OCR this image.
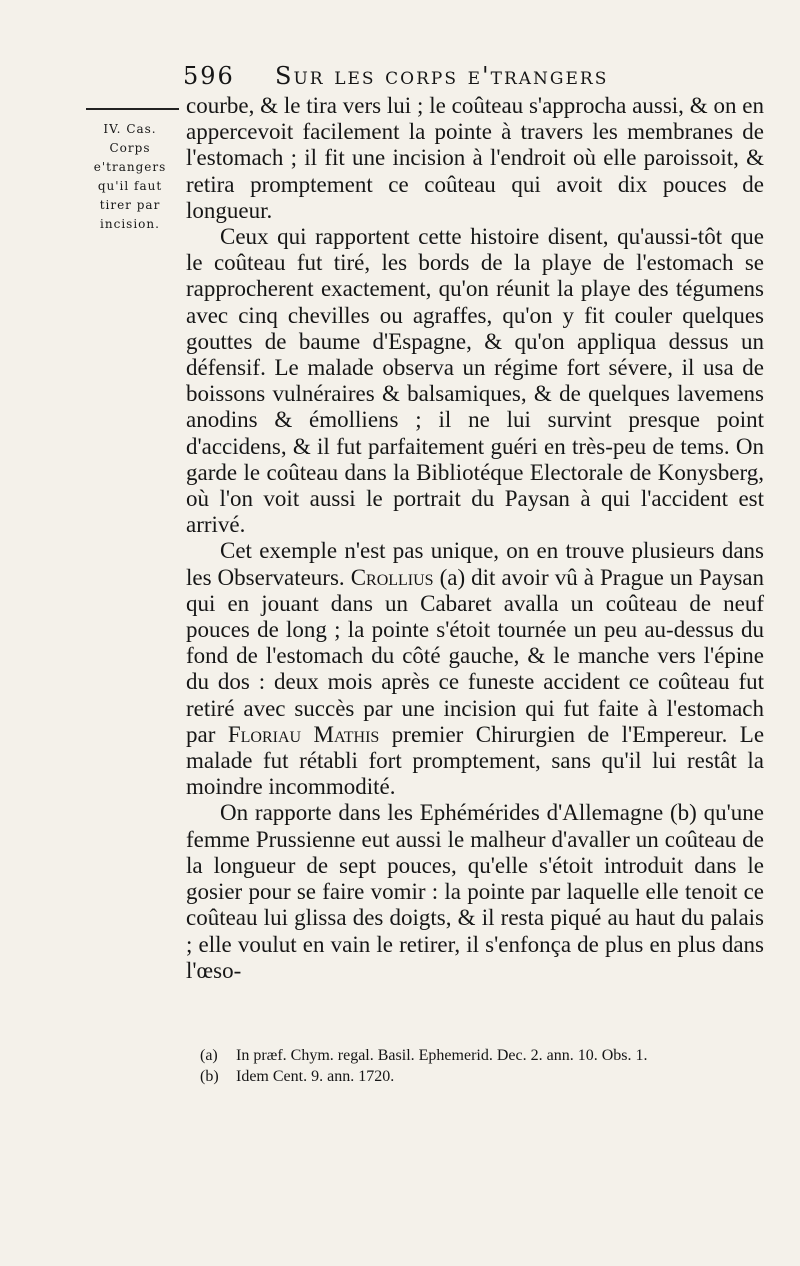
596 Sur les corps e'trangers
IV. Cas.
Corps
e'trangers
qu'il faut
tirer par
incision.

courbe, & le tira vers lui ; le coûteau s'approcha aussi, & on en appercevoit facilement la pointe à travers les membranes de l'estomach ; il fit une incision à l'endroit où elle paroissoit, & retira promptement ce coûteau qui avoit dix pouces de longueur.

Ceux qui rapportent cette histoire disent, qu'aussi-tôt que le coûteau fut tiré, les bords de la playe de l'estomach se rapprocherent exactement, qu'on réunit la playe des tégumens avec cinq chevilles ou agraffes, qu'on y fit couler quelques gouttes de baume d'Espagne, & qu'on appliqua dessus un défensif. Le malade observa un régime fort sévere, il usa de boissons vulnéraires & balsamiques, & de quelques lavemens anodins & émolliens ; il ne lui survint presque point d'accidens, & il fut parfaitement guéri en très-peu de tems. On garde le coûteau dans la Bibliotéque Electorale de Konysberg, où l'on voit aussi le portrait du Paysan à qui l'accident est arrivé.

Cet exemple n'est pas unique, on en trouve plusieurs dans les Observateurs. Crollius (a) dit avoir vû à Prague un Paysan qui en jouant dans un Cabaret avalla un coûteau de neuf pouces de long ; la pointe s'étoit tournée un peu au-dessus du fond de l'estomach du côté gauche, & le manche vers l'épine du dos : deux mois après ce funeste accident ce coûteau fut retiré avec succès par une incision qui fut faite à l'estomach par Floriau Mathis premier Chirurgien de l'Empereur. Le malade fut rétabli fort promptement, sans qu'il lui restât la moindre incommodité.

On rapporte dans les Ephémérides d'Allemagne (b) qu'une femme Prussienne eut aussi le malheur d'avaller un coûteau de la longueur de sept pouces, qu'elle s'étoit introduit dans le gosier pour se faire vomir : la pointe par laquelle elle tenoit ce coûteau lui glissa des doigts, & il resta piqué au haut du palais ; elle voulut en vain le retirer, il s'enfonça de plus en plus dans l'œso-

(a) In præf. Chym. regal. Basil. Ephemerid. Dec. 2. ann. 10. Obs. 1.
(b) Idem Cent. 9. ann. 1720.
